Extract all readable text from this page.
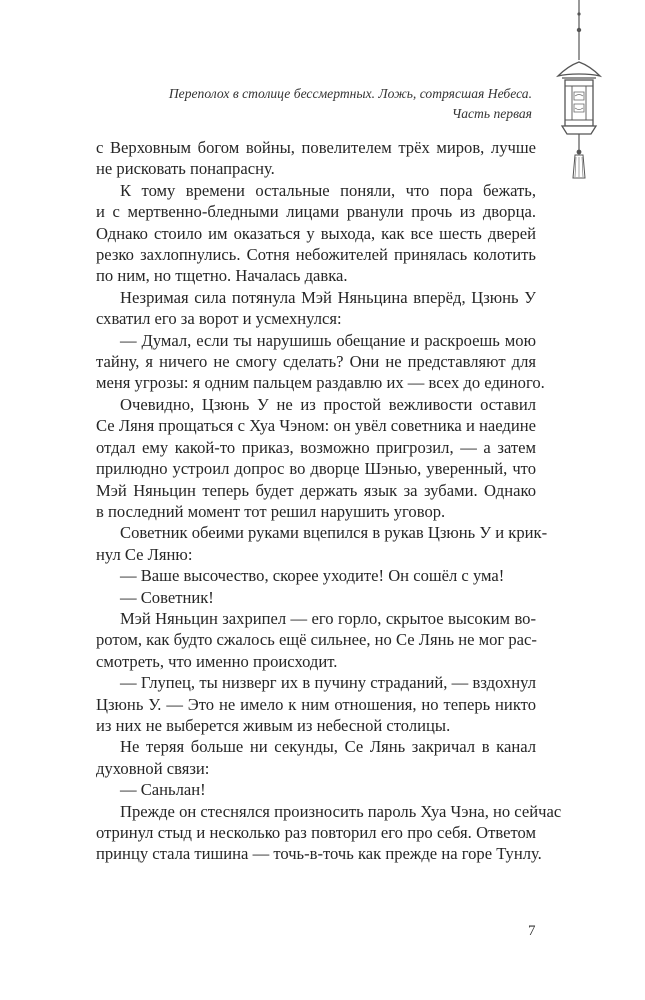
Переполох в столице бессмертных. Ложь, сотрясшая Небеса.
Часть первая
с Верховным богом войны, повелителем трёх миров, лучше
не рисковать понапрасну.
К тому времени остальные поняли, что пора бежать,
и с мертвенно-бледными лицами рванули прочь из дворца.
Однако стоило им оказаться у выхода, как все шесть дверей
резко захлопнулись. Сотня небожителей принялась колотить
по ним, но тщетно. Началась давка.
Незримая сила потянула Мэй Няньцина вперёд, Цзюнь У
схватил его за ворот и усмехнулся:
— Думал, если ты нарушишь обещание и раскроешь мою
тайну, я ничего не смогу сделать? Они не представляют для
меня угрозы: я одним пальцем раздавлю их — всех до единого.
Очевидно, Цзюнь У не из простой вежливости оставил
Се Ляня прощаться с Хуа Чэном: он увёл советника и наедине
отдал ему какой-то приказ, возможно пригрозил, — а затем
прилюдно устроил допрос во дворце Шэнью, уверенный, что
Мэй Няньцин теперь будет держать язык за зубами. Однако
в последний момент тот решил нарушить уговор.
Советник обеими руками вцепился в рукав Цзюнь У и крик-
нул Се Ляню:
— Ваше высочество, скорее уходите! Он сошёл с ума!
— Советник!
Мэй Няньцин захрипел — его горло, скрытое высоким во-
ротом, как будто сжалось ещё сильнее, но Се Лянь не мог рас-
смотреть, что именно происходит.
— Глупец, ты низверг их в пучину страданий, — вздохнул
Цзюнь У. — Это не имело к ним отношения, но теперь никто
из них не выберется живым из небесной столицы.
Не теряя больше ни секунды, Се Лянь закричал в канал
духовной связи:
— Саньлан!
Прежде он стеснялся произносить пароль Хуа Чэна, но сейчас
отринул стыд и несколько раз повторил его про себя. Ответом
принцу стала тишина — точь-в-точь как прежде на горе Тунлу.
7
